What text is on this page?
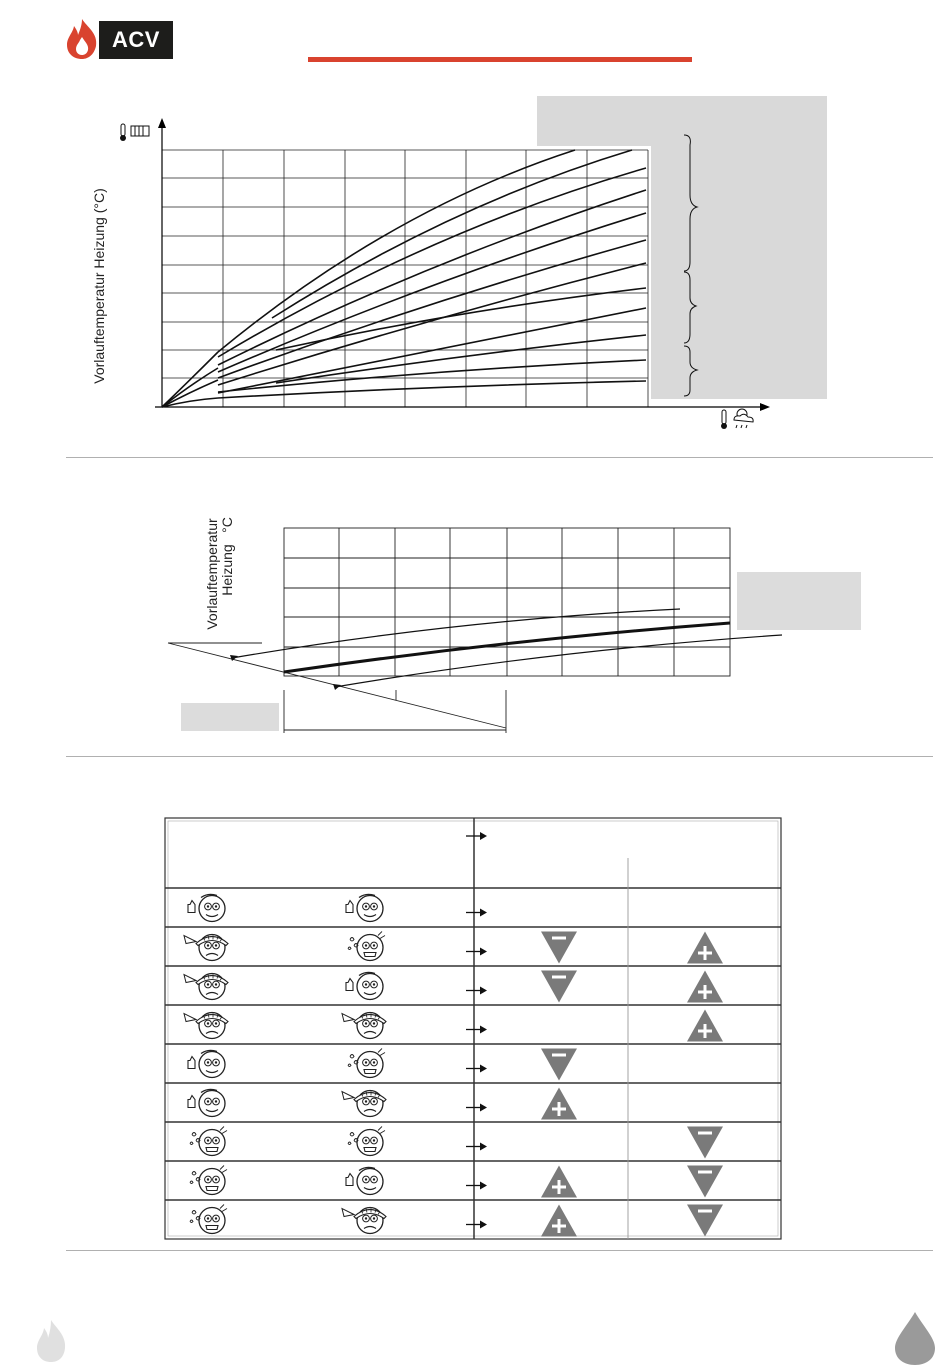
ACV
Vorlauftemperatur Heizung (°C)
Vorlauftemperatur Heizung
°C
